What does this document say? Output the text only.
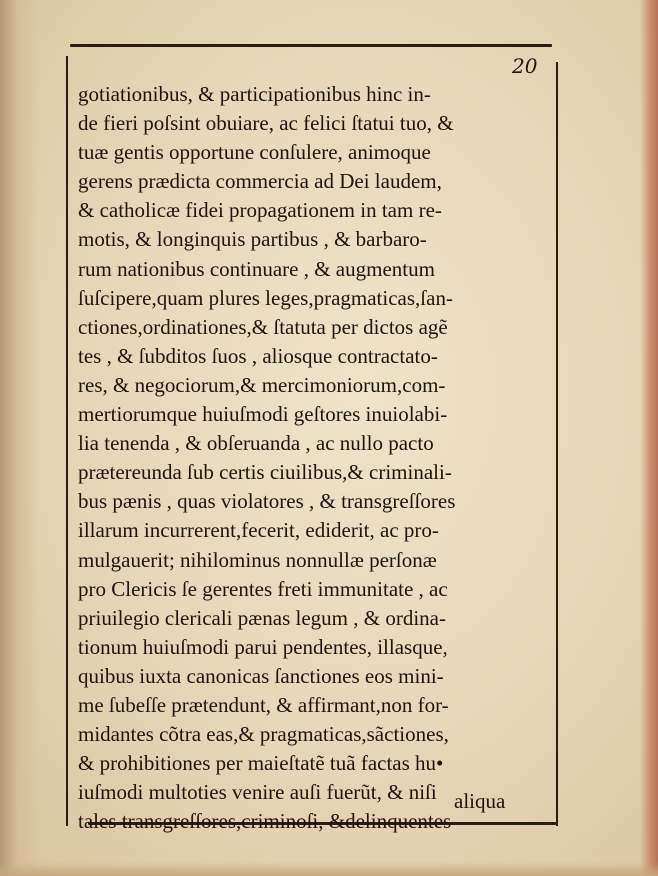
20
gotiationibus, & participationibus hinc in-
de fieri poſsint obuiare, ac felici ſtatui tuo, &
tuæ gentis opportune conſulere, animoque
gerens prædicta commercia ad Dei laudem,
& catholicæ fidei propagationem in tam re-
motis, & longinquis partibus , & barbaro-
rum nationibus continuare , & augmentum
ſuſcipere,quam plures leges,pragmaticas,ſan-
ctiones,ordinationes,& ſtatuta per dictos agẽ
tes , & ſubditos ſuos , aliosque contractato-
res, & negociorum,& mercimoniorum,com-
mertiorumque huiuſmodi geſtores inuiolabi-
lia tenenda , & obſeruanda , ac nullo pacto
prætereunda ſub certis ciuilibus,& criminali-
bus pænis , quas violatores , & transgreſſores
illarum incurrerent,fecerit, ediderit, ac pro-
mulgauerit; nihilominus nonnullæ perſonæ
pro Clericis ſe gerentes freti immunitate , ac
priuilegio clericali pænas legum , & ordina-
tionum huiuſmodi parui pendentes, illasque,
quibus iuxta canonicas ſanctiones eos mini-
me ſubeſſe prætendunt, & affirmant,non for-
midantes cõtra eas,& pragmaticas,sãctiones,
& prohibitiones per maieſtatẽ tuã factas hu•
iuſmodi multoties venire auſi fuerũt, & niſi
tales transgreſſores,criminoſi, &delinquentes
aliqua
